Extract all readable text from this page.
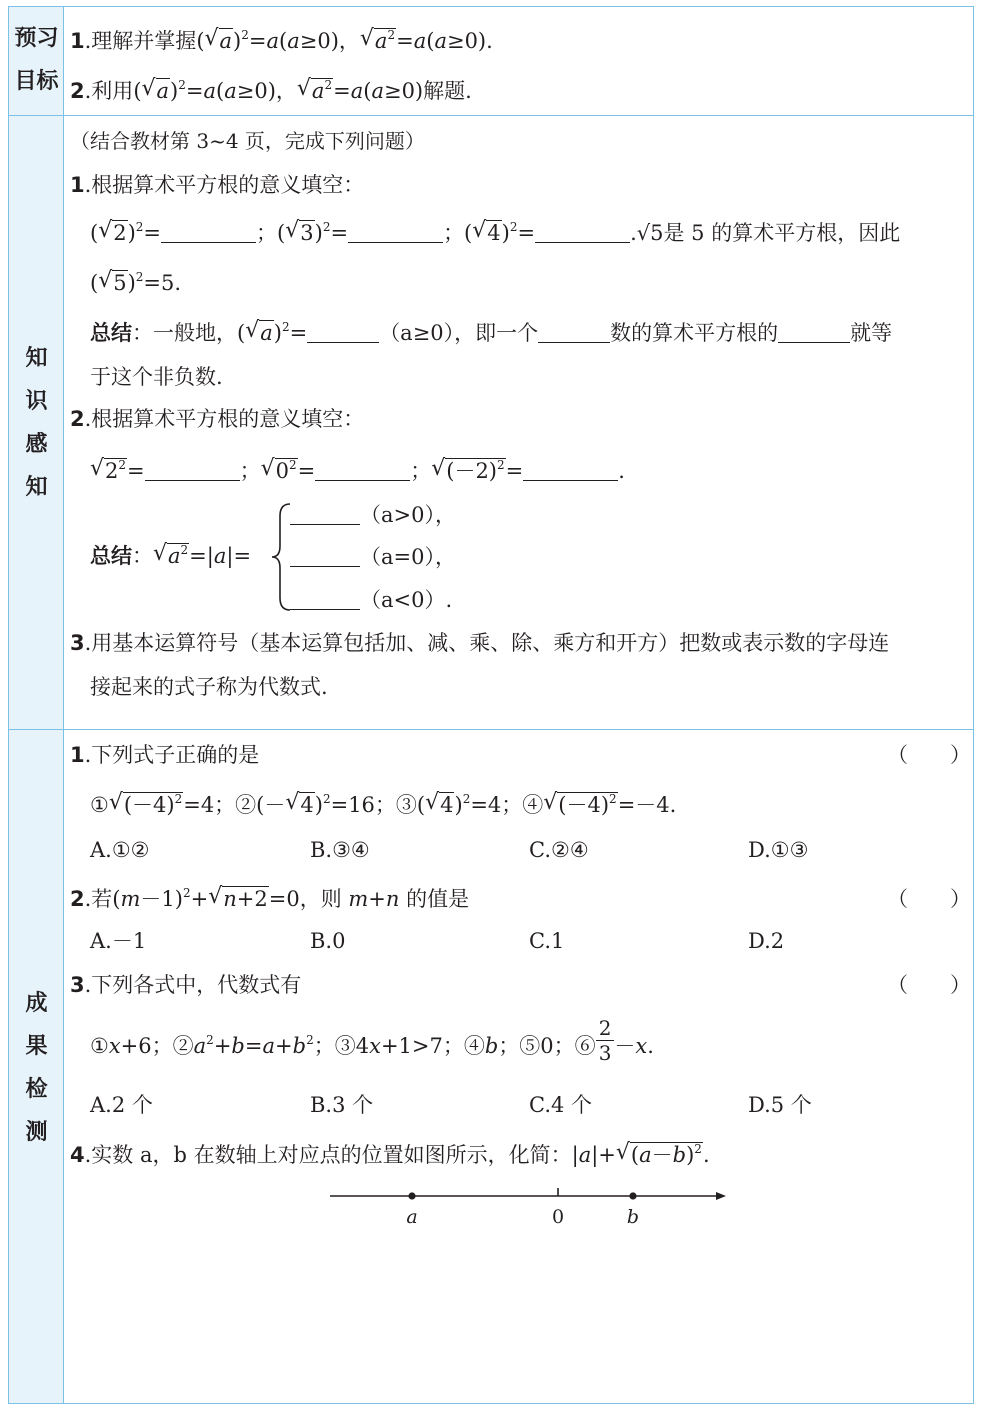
预习
目标
知
识
感
知
成
果
检
测
1.理解并掌握(√ a)$^2$=a(a≥0)，√ $a^2=a(a\ge 0)$.
2.利用(√ a)$^2$=a(a≥0)，√ $a^2=a(a\ge 0)$解题.
（结合教材第 3~4 页，完成下列问题）
1.根据算术平方根的意义填空：
(√ 2)$^2$=	；(√ 3)$^2$=	；(√ 4)$^2$=	.√5是 5 的算术平方根，因此
(√ 5)$^2$=5.
总结：一般地，(√ a)$^2$=	（a≥0），即一个	数的算术平方根的	就等
于这个非负数.
2.根据算术平方根的意义填空：
√ $2^2=$	；√ $0^2=$	；√ $(-2)^2=$	.
总结：√ $a^2=|a|=$
（a>0），
（a=0），
（a<0）.
3.用基本运算符号（基本运算包括加、减、乘、除、乘方和开方）把数或表示数的字母连
接起来的式子称为代数式.
1.下列式子正确的是	（　　）
①√ $(-4)^2=4$；②(－√ 4)$^2$=16；③(√ 4)$^2$=4；④√ $(-4)^2=-4$.
A.①②	B.③④	C.②④	D.①③
2.若$(m-1)^2+√$ n+2=0，则 m+n 的值是	（　　）
A.－1	B.0	C.1	D.2
3.下列各式中，代数式有	（　　）
①x+6；$②a^2+b=a+b^2$；③4x+1>7；④b；⑤0；⑥ $\frac{2}{3} -x$.
A.2 个	B.3 个	C.4 个	D.5 个
4.实数 a，b 在数轴上对应点的位置如图所示，化简：|a|+√ $(a-b)^2$.
a	0	b
